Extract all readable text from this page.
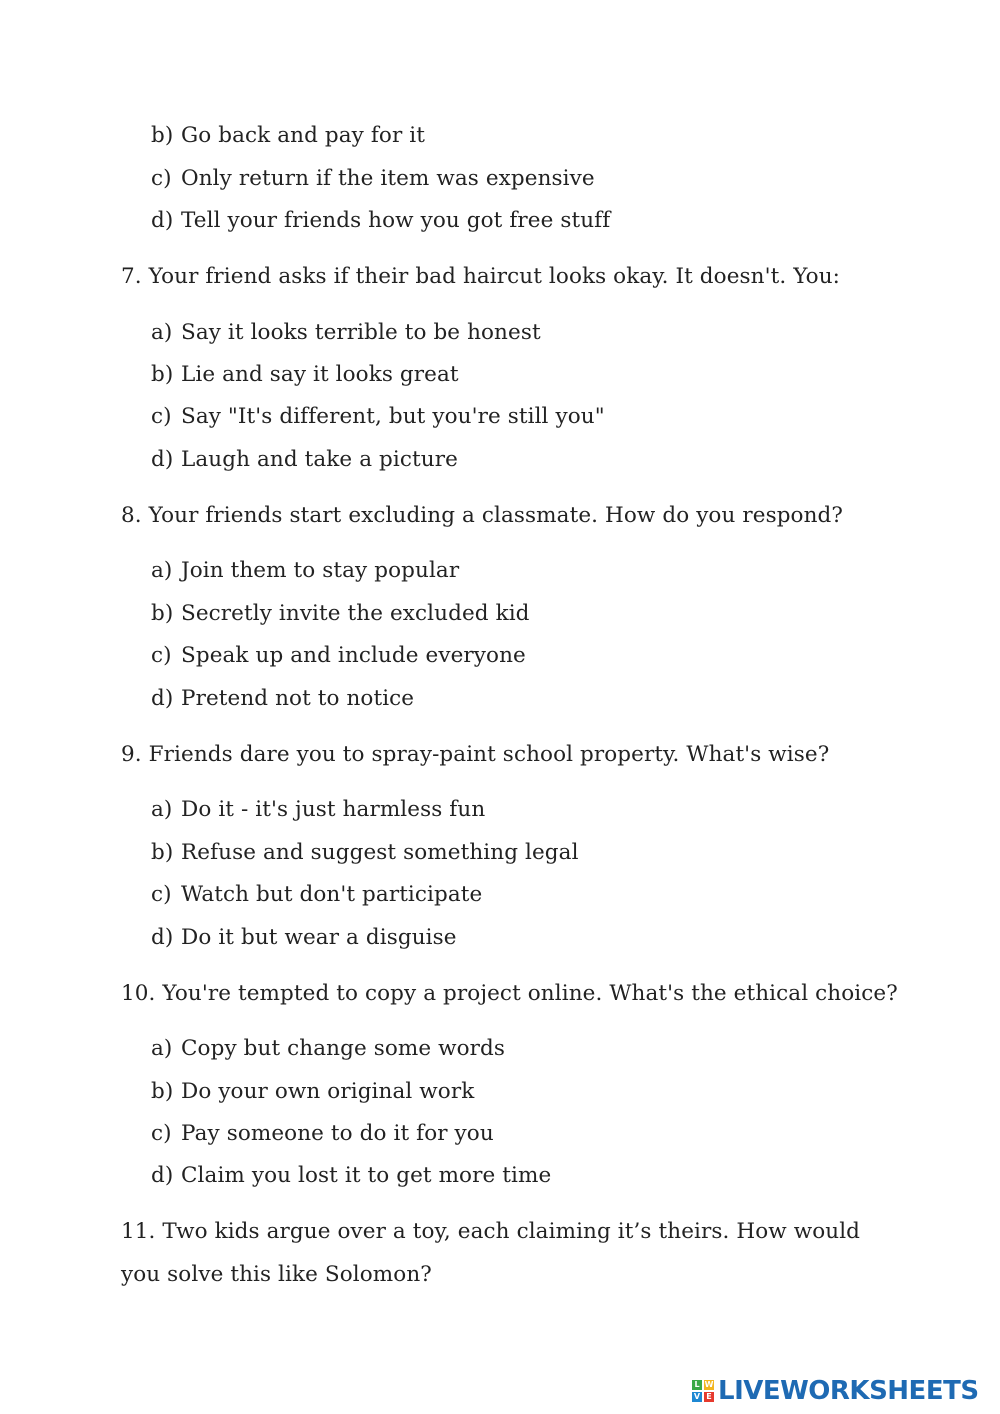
b) Go back and pay for it
c) Only return if the item was expensive
d) Tell your friends how you got free stuff
7. Your friend asks if their bad haircut looks okay. It doesn't. You:
a) Say it looks terrible to be honest
b) Lie and say it looks great
c) Say "It's different, but you're still you"
d) Laugh and take a picture
8. Your friends start excluding a classmate. How do you respond?
a) Join them to stay popular
b) Secretly invite the excluded kid
c) Speak up and include everyone
d) Pretend not to notice
9. Friends dare you to spray-paint school property. What's wise?
a) Do it - it's just harmless fun
b) Refuse and suggest something legal
c) Watch but don't participate
d) Do it but wear a disguise
10. You're tempted to copy a project online. What's the ethical choice?
a) Copy but change some words
b) Do your own original work
c) Pay someone to do it for you
d) Claim you lost it to get more time
11. Two kids argue over a toy, each claiming it’s theirs. How would
you solve this like Solomon?
L W
V E LIVEWORKSHEETS
